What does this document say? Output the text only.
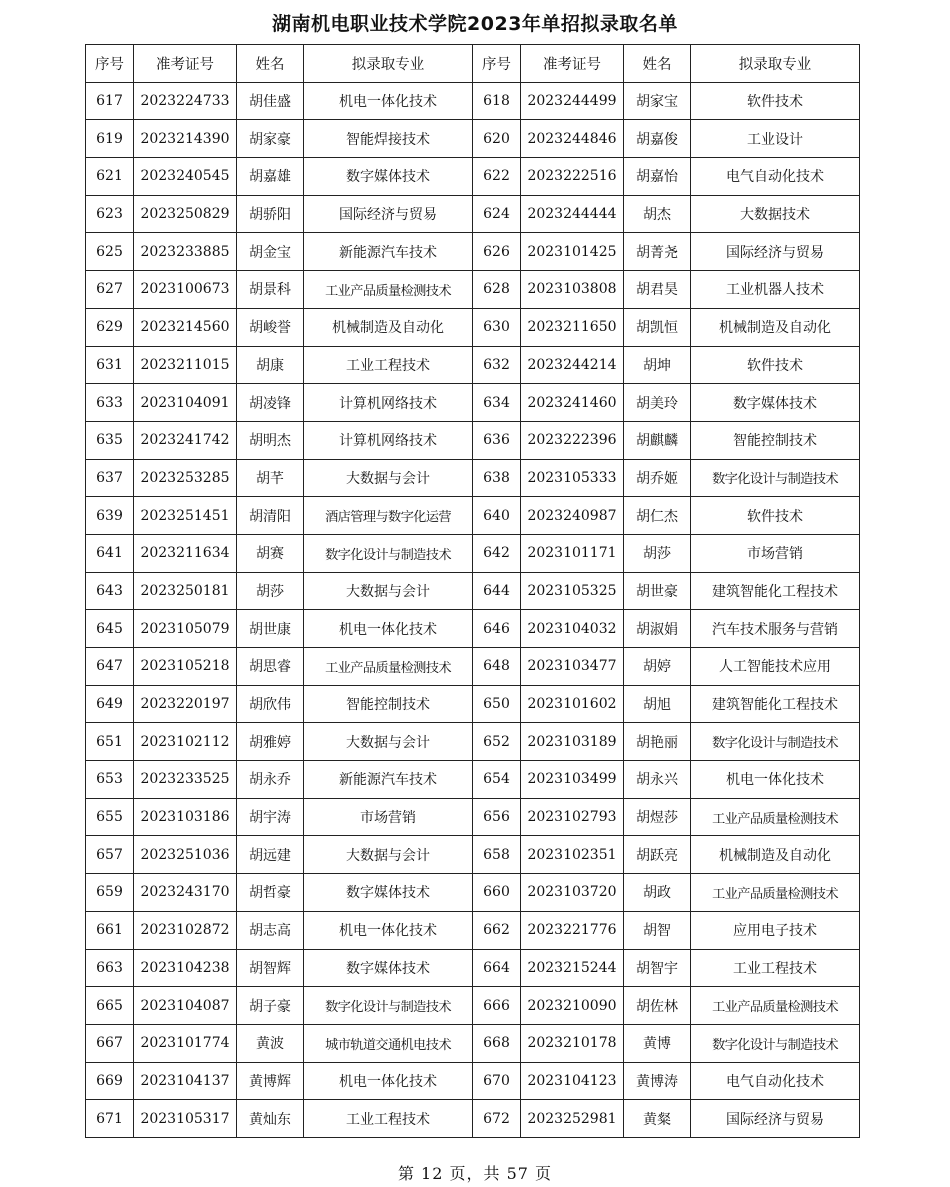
湖南机电职业技术学院2023年单招拟录取名单
序号	准考证号	姓名	拟录取专业	序号	准考证号	姓名	拟录取专业
617	2023224733	胡佳盛	机电一体化技术	618	2023244499	胡家宝	软件技术
619	2023214390	胡家豪	智能焊接技术	620	2023244846	胡嘉俊	工业设计
621	2023240545	胡嘉雄	数字媒体技术	622	2023222516	胡嘉怡	电气自动化技术
623	2023250829	胡骄阳	国际经济与贸易	624	2023244444	胡杰	大数据技术
625	2023233885	胡金宝	新能源汽车技术	626	2023101425	胡菁尧	国际经济与贸易
627	2023100673	胡景科	工业产品质量检测技术	628	2023103808	胡君昊	工业机器人技术
629	2023214560	胡峻誉	机械制造及自动化	630	2023211650	胡凯恒	机械制造及自动化
631	2023211015	胡康	工业工程技术	632	2023244214	胡坤	软件技术
633	2023104091	胡凌锋	计算机网络技术	634	2023241460	胡美玲	数字媒体技术
635	2023241742	胡明杰	计算机网络技术	636	2023222396	胡麒麟	智能控制技术
637	2023253285	胡芊	大数据与会计	638	2023105333	胡乔姬	数字化设计与制造技术
639	2023251451	胡清阳	酒店管理与数字化运营	640	2023240987	胡仁杰	软件技术
641	2023211634	胡赛	数字化设计与制造技术	642	2023101171	胡莎	市场营销
643	2023250181	胡莎	大数据与会计	644	2023105325	胡世豪	建筑智能化工程技术
645	2023105079	胡世康	机电一体化技术	646	2023104032	胡淑娟	汽车技术服务与营销
647	2023105218	胡思睿	工业产品质量检测技术	648	2023103477	胡婷	人工智能技术应用
649	2023220197	胡欣伟	智能控制技术	650	2023101602	胡旭	建筑智能化工程技术
651	2023102112	胡雅婷	大数据与会计	652	2023103189	胡艳丽	数字化设计与制造技术
653	2023233525	胡永乔	新能源汽车技术	654	2023103499	胡永兴	机电一体化技术
655	2023103186	胡宇涛	市场营销	656	2023102793	胡煜莎	工业产品质量检测技术
657	2023251036	胡远建	大数据与会计	658	2023102351	胡跃亮	机械制造及自动化
659	2023243170	胡哲豪	数字媒体技术	660	2023103720	胡政	工业产品质量检测技术
661	2023102872	胡志高	机电一体化技术	662	2023221776	胡智	应用电子技术
663	2023104238	胡智辉	数字媒体技术	664	2023215244	胡智宇	工业工程技术
665	2023104087	胡子豪	数字化设计与制造技术	666	2023210090	胡佐林	工业产品质量检测技术
667	2023101774	黄波	城市轨道交通机电技术	668	2023210178	黄博	数字化设计与制造技术
669	2023104137	黄博辉	机电一体化技术	670	2023104123	黄博涛	电气自动化技术
671	2023105317	黄灿东	工业工程技术	672	2023252981	黄粲	国际经济与贸易
第 12 页，共 57 页
